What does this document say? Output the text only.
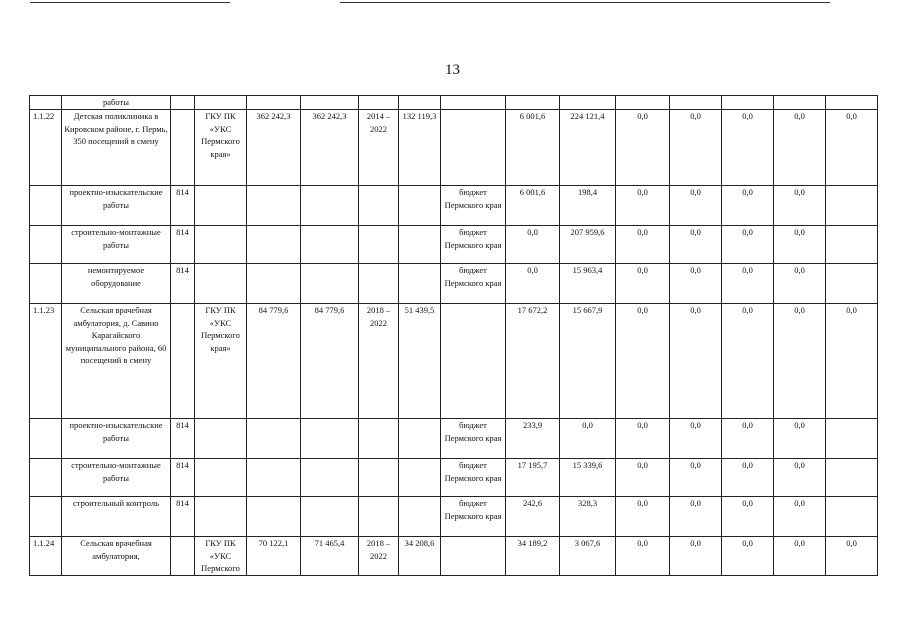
13
	работы														
1.1.22	Детская поликлиника в Кировском районе, г. Пермь, 350 посещений в смену		ГКУ ПК «УКС Пермского края»	362 242,3	362 242,3	2014 – 2022	132 119,3		6 001,6	224 121,4	0,0	0,0	0,0	0,0	0,0
	проектно-изыскательские работы	814						бюджет Пермского края	6 001,6	198,4	0,0	0,0	0,0	0,0	
	строительно-монтажные работы	814						бюджет Пермского края	0,0	207 959,6	0,0	0,0	0,0	0,0	
	немонтируемое оборудование	814						бюджет Пермского края	0,0	15 963,4	0,0	0,0	0,0	0,0	
1.1.23	Сельская врачебная амбулатория, д. Савино Карагайского муниципального района, 60 посещений в смену		ГКУ ПК «УКС Пермского края»	84 779,6	84 779,6	2018 – 2022	51 439,5		17 672,2	15 667,9	0,0	0,0	0,0	0,0	0,0
	проектно-изыскательские работы	814						бюджет Пермского края	233,9	0,0	0,0	0,0	0,0	0,0	
	строительно-монтажные работы	814						бюджет Пермского края	17 195,7	15 339,6	0,0	0,0	0,0	0,0	
	строительный контроль	814						бюджет Пермского края	242,6	328,3	0,0	0,0	0,0	0,0	
1.1.24	Сельская врачебная амбулатория,		ГКУ ПК «УКС Пермского	70 122,1	71 465,4	2018 – 2022	34 208,6		34 189,2	3 067,6	0,0	0,0	0,0	0,0	0,0
